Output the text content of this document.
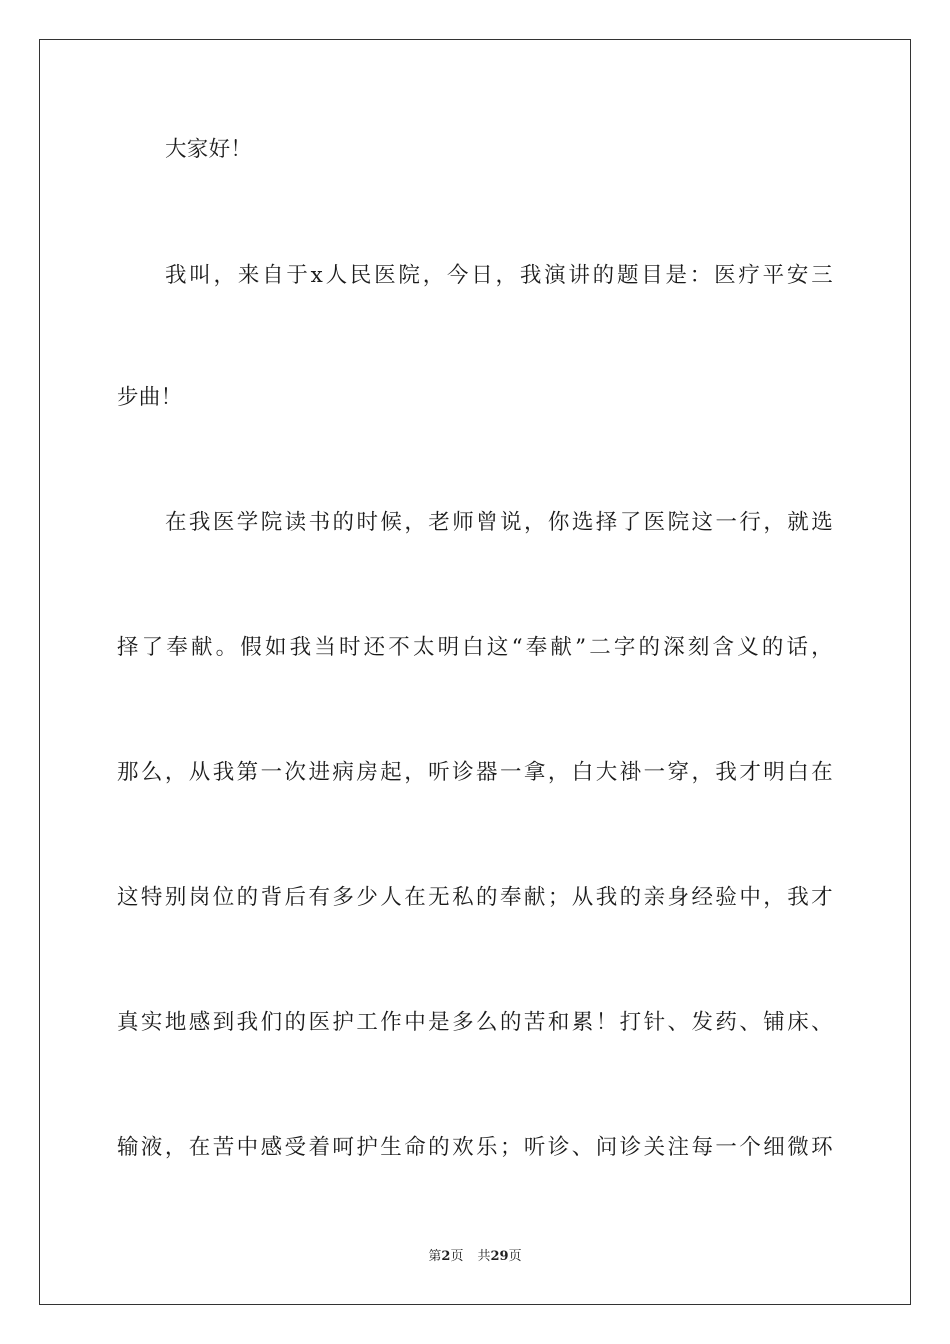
大家好！
我叫，来自于x人民医院，今日，我演讲的题目是：医疗平安三
步曲！
在我医学院读书的时候，老师曾说，你选择了医院这一行，就选
择了奉献。假如我当时还不太明白这“奉献”二字的深刻含义的话，
那么，从我第一次进病房起，听诊器一拿，白大褂一穿，我才明白在
这特别岗位的背后有多少人在无私的奉献；从我的亲身经验中，我才
真实地感到我们的医护工作中是多么的苦和累！打针、发药、铺床、
输液，在苦中感受着呵护生命的欢乐；听诊、问诊关注每一个细微环
第2页 共29页
